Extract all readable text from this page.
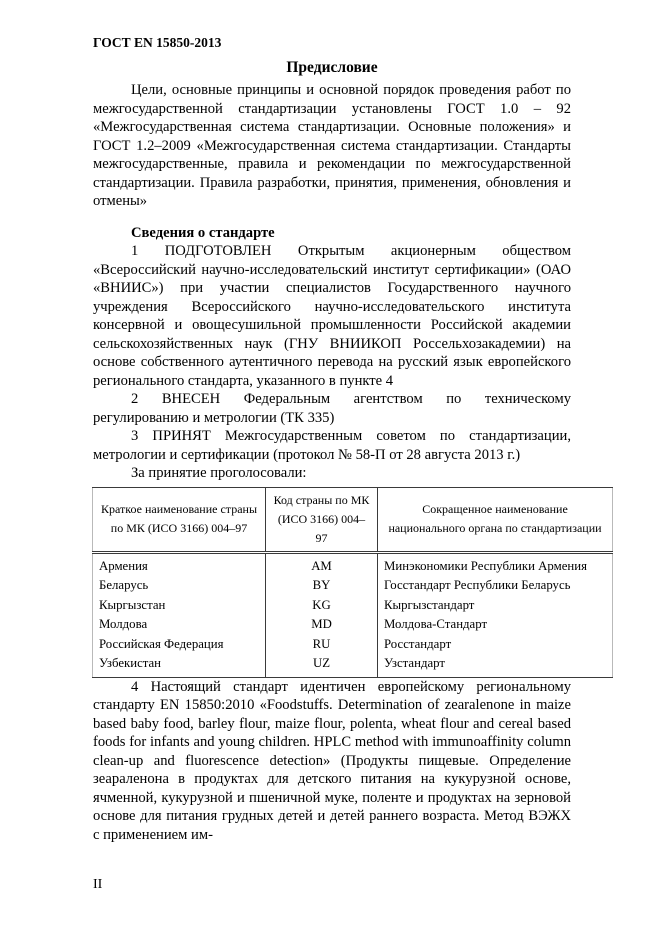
ГОСТ EN 15850-2013

Предисловие

Цели, основные принципы и основной порядок проведения работ по межгосударственной стандартизации установлены ГОСТ 1.0 – 92 «Межгосударственная система стандартизации. Основные положения» и ГОСТ 1.2–2009 «Межгосударственная система стандартизации. Стандарты межгосударственные, правила и рекомендации по межгосударственной стандартизации. Правила разработки, принятия, применения, обновления и отмены»

Сведения о стандарте

1 ПОДГОТОВЛЕН Открытым акционерным обществом «Всероссийский научно-исследовательский институт сертификации» (ОАО «ВНИИС») при участии специалистов Государственного научного учреждения Всероссийского научно-исследовательского института консервной и овощесушильной промышленности Российской академии сельскохозяйственных наук (ГНУ ВНИИКОП Россельхозакадемии) на основе собственного аутентичного перевода на русский язык европейского регионального стандарта, указанного в пункте 4

2 ВНЕСЕН Федеральным агентством по техническому регулированию и метрологии (ТК 335)

3 ПРИНЯТ Межгосударственным советом по стандартизации, метрологии и сертификации (протокол № 58-П от 28 августа 2013 г.)

За принятие проголосовали:

Краткое наименование страны по МК (ИСО 3166) 004–97	Код страны по МК (ИСО 3166) 004–97	Сокращенное наименование национального органа по стандартизации
Армения	AM	Минэкономики Республики Армения
Беларусь	BY	Госстандарт Республики Беларусь
Кыргызстан	KG	Кыргызстандарт
Молдова	MD	Молдова-Стандарт
Российская Федерация	RU	Росстандарт
Узбекистан	UZ	Узстандарт

4 Настоящий стандарт идентичен европейскому региональному стандарту EN 15850:2010 «Foodstuffs. Determination of zearalenone in maize based baby food, barley flour, maize flour, polenta, wheat flour and cereal based foods for infants and young children. HPLC method with immunoaffinity column clean-up and fluorescence detection» (Продукты пищевые. Определение зеараленона в продуктах для детского питания на кукурузной основе, ячменной, кукурузной и пшеничной муке, поленте и продуктах на зерновой основе для питания грудных детей и детей раннего возраста. Метод ВЭЖХ с применением им-

II
